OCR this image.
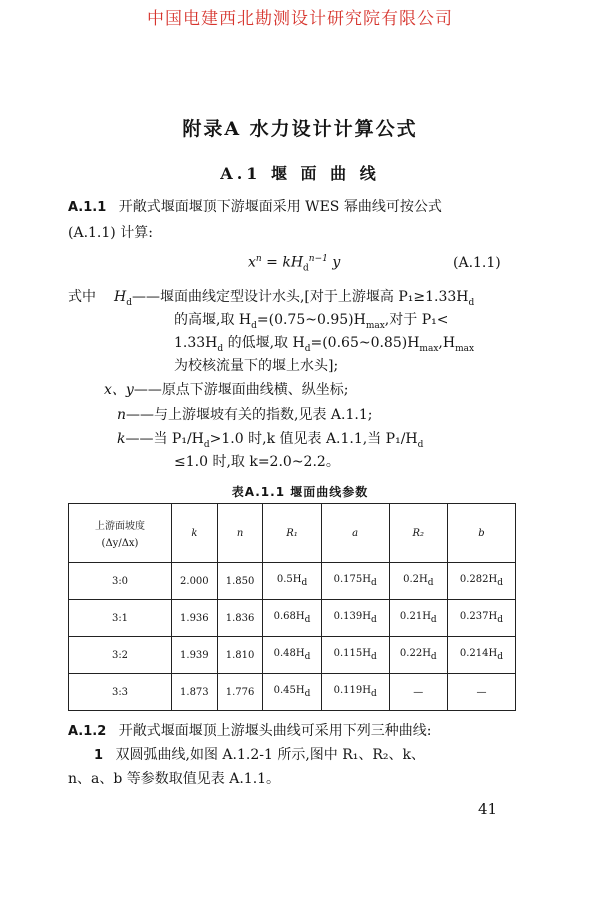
中国电建西北勘测设计研究院有限公司
附录A 水力设计计算公式
A.1 堰 面 曲 线
A.1.1 开敞式堰面堰顶下游堰面采用 WES 幂曲线可按公式
(A.1.1) 计算:
$x^n = kH_d^{n-1}$ y	(A.1.1)
式中 $H_d——$堰面曲线定型设计水头,[对于上游堰高 $P_1\ge 1.33H_d$
的高堰,取 $H_d=(0.75\sim 0.95)H_{max}$,对于 P₁<
$1.33H_d$ 的低堰,取 $H_d=(0.65\sim 0.85)H_{max},H_{max}$
为校核流量下的堰上水头];
x、y——原点下游堰面曲线横、纵坐标;
n——与上游堰坡有关的指数,见表 A.1.1;
k——当 $P_1/H_d>1.0$ 时,k 值见表 A.1.1,当 $P_1/H_d$
≤1.0 时,取 k=2.0~2.2。
表A.1.1 堰面曲线参数
上游面坡度
(Δy/Δx)	k	n	R₁	a	R₂	b
3:0	2.000	1.850	0.5Hd	0.175Hd	0.2Hd	0.282Hd
3:1	1.936	1.836	0.68Hd	0.139Hd	0.21Hd	0.237Hd
3:2	1.939	1.810	0.48Hd	0.115Hd	0.22Hd	0.214Hd
3:3	1.873	1.776	0.45Hd	0.119Hd	—	—
A.1.2 开敞式堰面堰顶上游堰头曲线可采用下列三种曲线:
1 双圆弧曲线,如图 A.1.2-1 所示,图中 R₁、R₂、k、
n、a、b 等参数取值见表 A.1.1。
41
